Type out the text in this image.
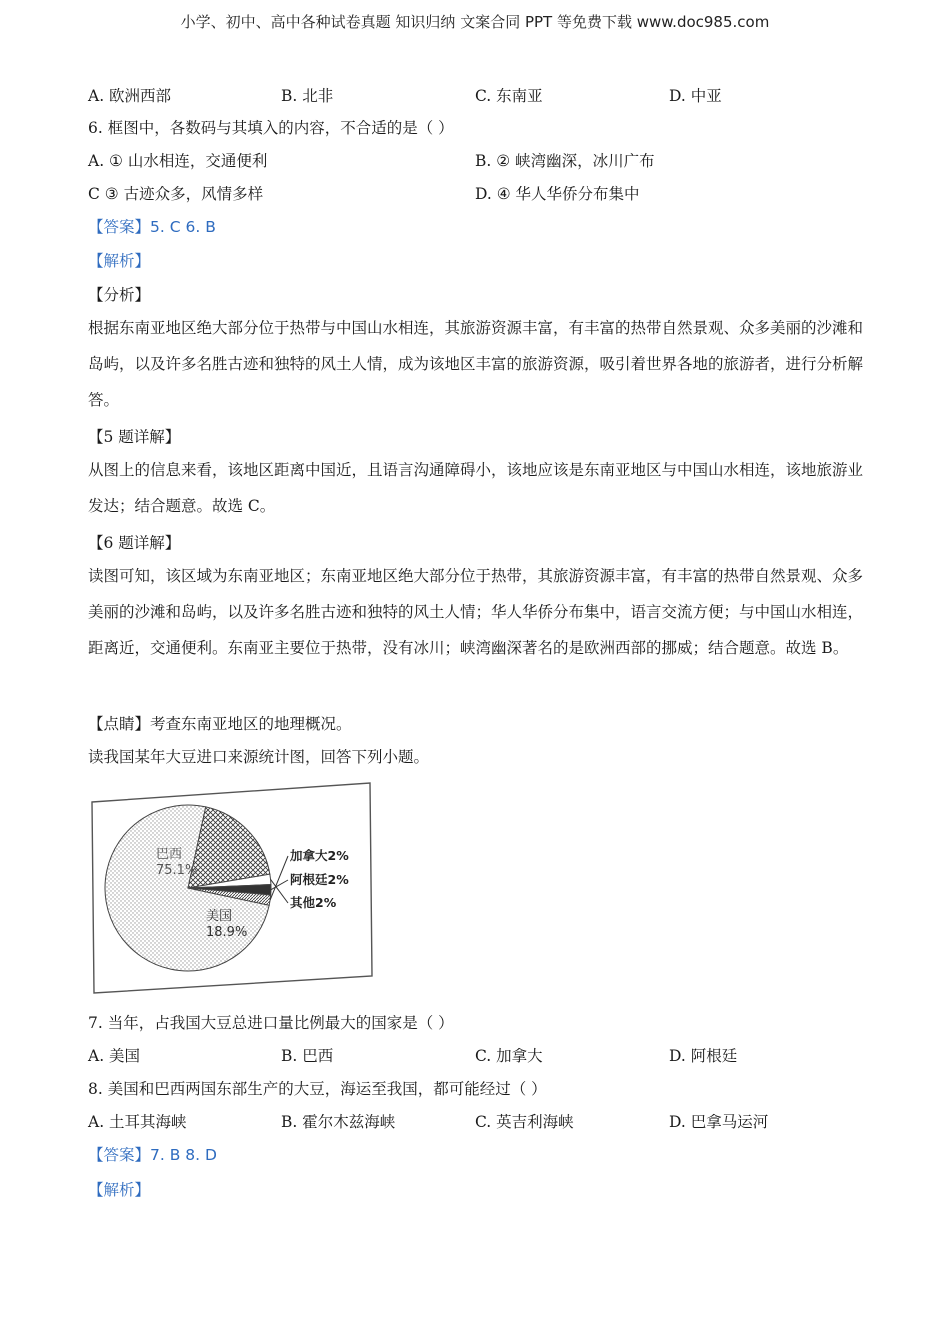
小学、初中、高中各种试卷真题 知识归纳 文案合同 PPT 等免费下载 www.doc985.com
A. 欧洲西部	B. 北非	C. 东南亚	D. 中亚
6. 框图中，各数码与其填入的内容，不合适的是（ ）
A. ① 山水相连，交通便利	B. ② 峡湾幽深，冰川广布
C ③ 古迹众多，风情多样	D. ④ 华人华侨分布集中
【答案】5. C 6. B
【解析】
【分析】
根据东南亚地区绝大部分位于热带与中国山水相连，其旅游资源丰富，有丰富的热带自然景观、众多美丽的沙滩和岛屿，以及许多名胜古迹和独特的风土人情，成为该地区丰富的旅游资源，吸引着世界各地的旅游者，进行分析解答。
【5 题详解】
从图上的信息来看，该地区距离中国近，且语言沟通障碍小，该地应该是东南亚地区与中国山水相连，该地旅游业发达；结合题意。故选 C。
【6 题详解】
读图可知，该区域为东南亚地区；东南亚地区绝大部分位于热带，其旅游资源丰富，有丰富的热带自然景观、众多美丽的沙滩和岛屿，以及许多名胜古迹和独特的风土人情；华人华侨分布集中，语言交流方便；与中国山水相连，距离近，交通便利。东南亚主要位于热带，没有冰川；峡湾幽深著名的是欧洲西部的挪威；结合题意。故选 B。
【点睛】考查东南亚地区的地理概况。
读我国某年大豆进口来源统计图，回答下列小题。
巴西
75.1%
美国
18.9%
加拿大2%
阿根廷2%
其他2%
7. 当年，占我国大豆总进口量比例最大的国家是（ ）
A. 美国	B. 巴西	C. 加拿大	D. 阿根廷
8. 美国和巴西两国东部生产的大豆，海运至我国，都可能经过（ ）
A. 土耳其海峡	B. 霍尔木兹海峡	C. 英吉利海峡	D. 巴拿马运河
【答案】7. B 8. D
【解析】
